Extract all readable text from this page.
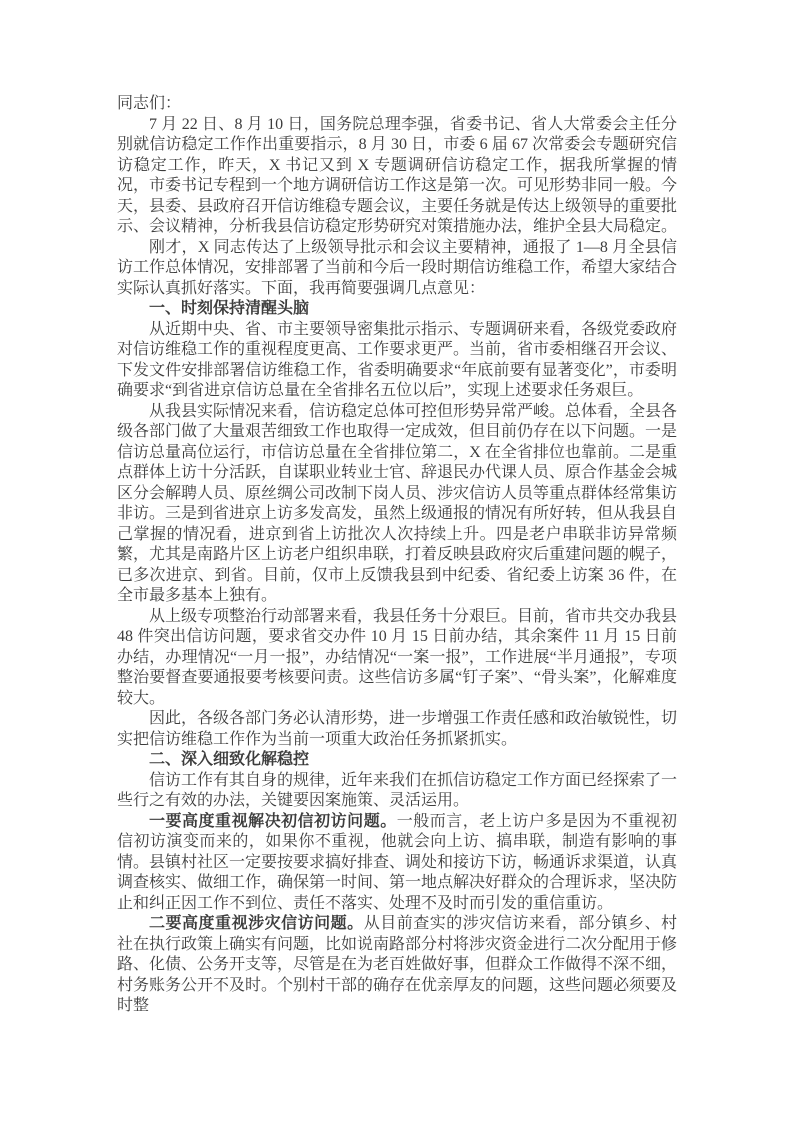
同志们：

7 月 22 日、8 月 10 日，国务院总理李强，省委书记、省人大常委会主任分别就信访稳定工作作出重要指示，8 月 30 日，市委 6 届 67 次常委会专题研究信访稳定工作，昨天，X 书记又到 X 专题调研信访稳定工作，据我所掌握的情况，市委书记专程到一个地方调研信访工作这是第一次。可见形势非同一般。今天，县委、县政府召开信访维稳专题会议，主要任务就是传达上级领导的重要批示、会议精神，分析我县信访稳定形势研究对策措施办法，维护全县大局稳定。

刚才，X 同志传达了上级领导批示和会议主要精神，通报了 1—8 月全县信访工作总体情况，安排部署了当前和今后一段时期信访维稳工作，希望大家结合实际认真抓好落实。下面，我再简要强调几点意见：

一、时刻保持清醒头脑

从近期中央、省、市主要领导密集批示指示、专题调研来看，各级党委政府对信访维稳工作的重视程度更高、工作要求更严。当前，省市委相继召开会议、下发文件安排部署信访维稳工作，省委明确要求“年底前要有显著变化”，市委明确要求“到省进京信访总量在全省排名五位以后”，实现上述要求任务艰巨。

从我县实际情况来看，信访稳定总体可控但形势异常严峻。总体看，全县各级各部门做了大量艰苦细致工作也取得一定成效，但目前仍存在以下问题。一是信访总量高位运行，市信访总量在全省排位第二，X 在全省排位也靠前。二是重点群体上访十分活跃，自谋职业转业士官、辞退民办代课人员、原合作基金会城区分会解聘人员、原丝绸公司改制下岗人员、涉灾信访人员等重点群体经常集访非访。三是到省进京上访多发高发，虽然上级通报的情况有所好转，但从我县自己掌握的情况看，进京到省上访批次人次持续上升。四是老户串联非访异常频繁，尤其是南路片区上访老户组织串联，打着反映县政府灾后重建问题的幌子，已多次进京、到省。目前，仅市上反馈我县到中纪委、省纪委上访案 36 件，在全市最多基本上独有。

从上级专项整治行动部署来看，我县任务十分艰巨。目前，省市共交办我县 48 件突出信访问题，要求省交办件 10 月 15 日前办结，其余案件 11 月 15 日前办结，办理情况“一月一报”，办结情况“一案一报”，工作进展“半月通报”，专项整治要督查要通报要考核要问责。这些信访多属“钉子案”、“骨头案”，化解难度较大。

因此，各级各部门务必认清形势，进一步增强工作责任感和政治敏锐性，切实把信访维稳工作作为当前一项重大政治任务抓紧抓实。

二、深入细致化解稳控

信访工作有其自身的规律，近年来我们在抓信访稳定工作方面已经探索了一些行之有效的办法，关键要因案施策、灵活运用。

一要高度重视解决初信初访问题。一般而言，老上访户多是因为不重视初信初访演变而来的，如果你不重视，他就会向上访、搞串联，制造有影响的事情。县镇村社区一定要按要求搞好排查、调处和接访下访，畅通诉求渠道，认真调查核实、做细工作，确保第一时间、第一地点解决好群众的合理诉求，坚决防止和纠正因工作不到位、责任不落实、处理不及时而引发的重信重访。

二要高度重视涉灾信访问题。从目前查实的涉灾信访来看，部分镇乡、村社在执行政策上确实有问题，比如说南路部分村将涉灾资金进行二次分配用于修路、化债、公务开支等，尽管是在为老百姓做好事，但群众工作做得不深不细，村务账务公开不及时。个别村干部的确存在优亲厚友的问题，这些问题必须要及时整
